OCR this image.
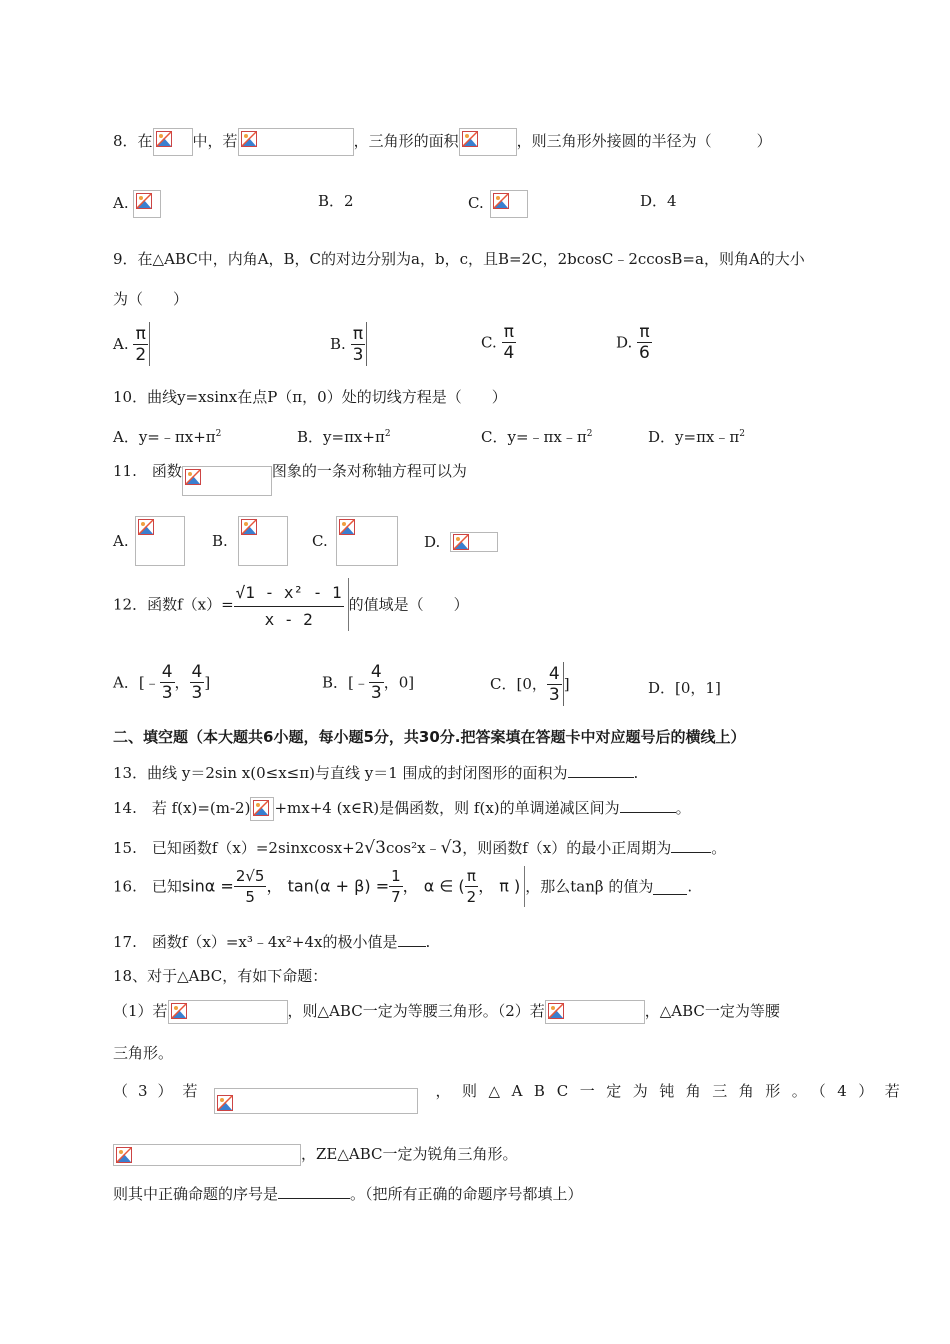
8．在	中，若	，三角形的面积	，则三角形外接圆的半径为（　　　）
A.	B．2	C.	D．4
9．在△ABC中，内角A，B，C的对边分别为a，b，c，且B=2C，2bcosC﹣2ccosB=a，则角A的大小
为（　　）
A. $\frac{\pi}{2}$	B. $\frac{\pi}{3}$	C. $\frac{\pi}{4}$	D. $\frac{\pi}{6}$
10．曲线y=xsinx在点P（π，0）处的切线方程是（　　）
A．$y=﹣\pi x+\pi^2$	B．$y=\pi x+\pi^2$	C．$y=﹣\pi x﹣\pi^2$	D．$y=\pi x﹣\pi^2$
11.　函数	图象的一条对称轴方程可以为
A.	B.	C.	D.
12．函数$f(x)= \frac{\text{√1 - x² - 1}}{x - 2}$ 的值域是（　　）
A．[﹣ $\frac{4}{3}$ ， $\frac{4}{3}$ ]	B．[﹣ $\frac{4}{3}$ ，0]	C．[0， $\frac{4}{3}$ ]	D．[0，1]
二、填空题（本大题共6小题，每小题5分，共30分.把答案填在答题卡中对应题号后的横线上）
13．曲线 y＝2sin x(0≤x≤π)与直线 y＝1 围成的封闭图形的面积为	.
14.　若 f(x)=(m-2) +mx+4 (x∈R)是偶函数，则 f(x)的单调递减区间为	。
15.　已知函数f（x）=2sinxcosx+2√3cos²x﹣√3，则函数f（x）的最小正周期为	。
16.　已知$\sin\alpha = \frac{2√5}{5}$ ， $\tan(\alpha + \beta) = \frac{1}{7}$ ， α ∈ ( $\frac{\pi}{2}$ ， π ) ，那么tanβ 的值为 .
17.　函数f（x）=x³﹣4x²+4x的极小值是 .
18、对于△ABC，有如下命题：
（1）若	，则△ABC一定为等腰三角形。（2）若	，△ABC一定为等腰
三角形。
（3）若	，则△ABC一定为钝角三角形。（4）若
，ZE△ABC一定为锐角三角形。
则其中正确命题的序号是	。（把所有正确的命题序号都填上）
